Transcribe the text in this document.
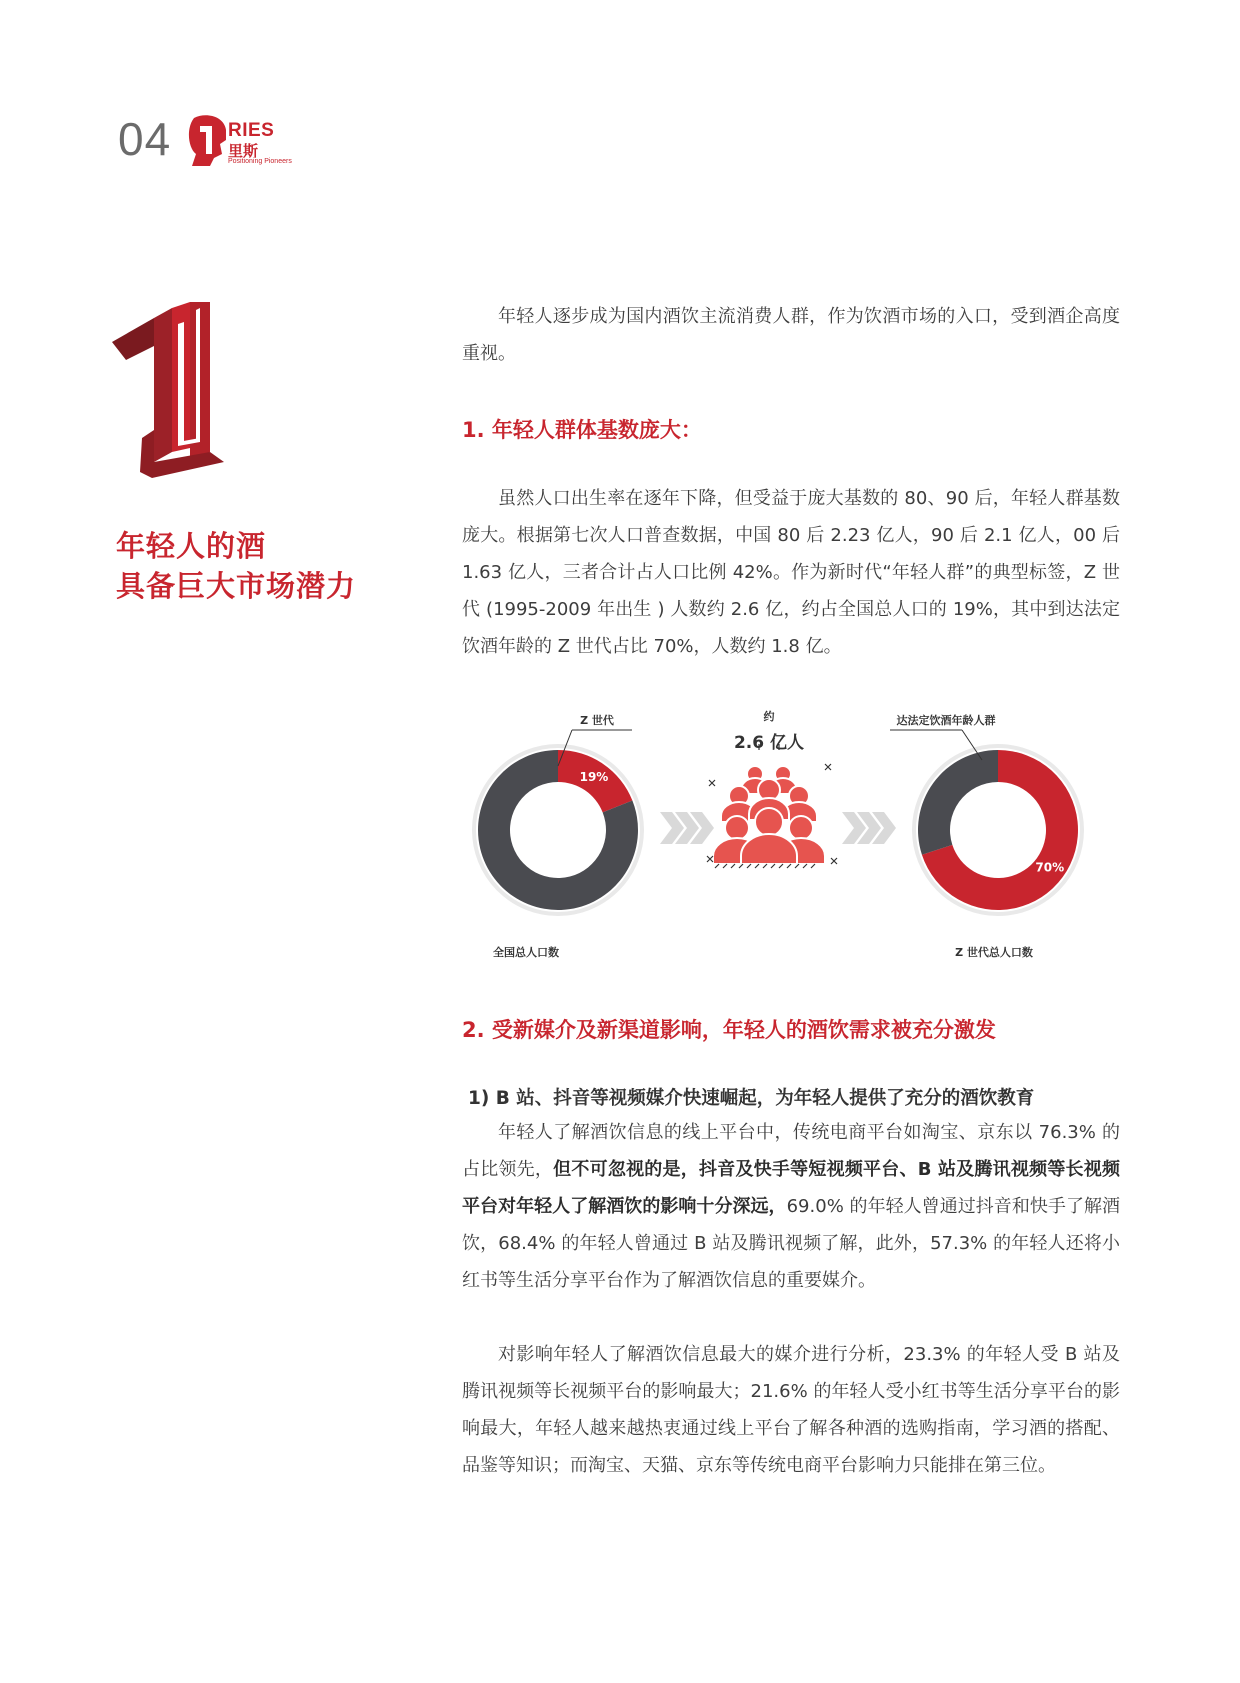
04	RIES
里斯
Positioning Pioneers
年轻人的酒
具备巨大市场潜力
年轻人逐步成为国内酒饮主流消费人群，作为饮酒市场的入口，受到酒企高度重视。
1. 年轻人群体基数庞大：
虽然人口出生率在逐年下降，但受益于庞大基数的 80、90 后，年轻人群基数庞大。根据第七次人口普查数据，中国 80 后 2.23 亿人，90 后 2.1 亿人，00 后 1.63 亿人，三者合计占人口比例 42%。作为新时代“年轻人群”的典型标签，Z 世代 (1995-2009 年出生 ) 人数约 2.6 亿，约占全国总人口的 19%，其中到达法定饮酒年龄的 Z 世代占比 70%，人数约 1.8 亿。
19%
Z 世代
全国总人口数
约
2.6 亿人
70%
达法定饮酒年龄人群
Z 世代总人口数
2. 受新媒介及新渠道影响，年轻人的酒饮需求被充分激发
1) B 站、抖音等视频媒介快速崛起，为年轻人提供了充分的酒饮教育
年轻人了解酒饮信息的线上平台中，传统电商平台如淘宝、京东以 76.3% 的占比领先，但不可忽视的是，抖音及快手等短视频平台、B 站及腾讯视频等长视频平台对年轻人了解酒饮的影响十分深远，69.0% 的年轻人曾通过抖音和快手了解酒饮，68.4% 的年轻人曾通过 B 站及腾讯视频了解，此外，57.3% 的年轻人还将小红书等生活分享平台作为了解酒饮信息的重要媒介。
对影响年轻人了解酒饮信息最大的媒介进行分析，23.3% 的年轻人受 B 站及腾讯视频等长视频平台的影响最大；21.6% 的年轻人受小红书等生活分享平台的影响最大，年轻人越来越热衷通过线上平台了解各种酒的选购指南，学习酒的搭配、品鉴等知识；而淘宝、天猫、京东等传统电商平台影响力只能排在第三位。
